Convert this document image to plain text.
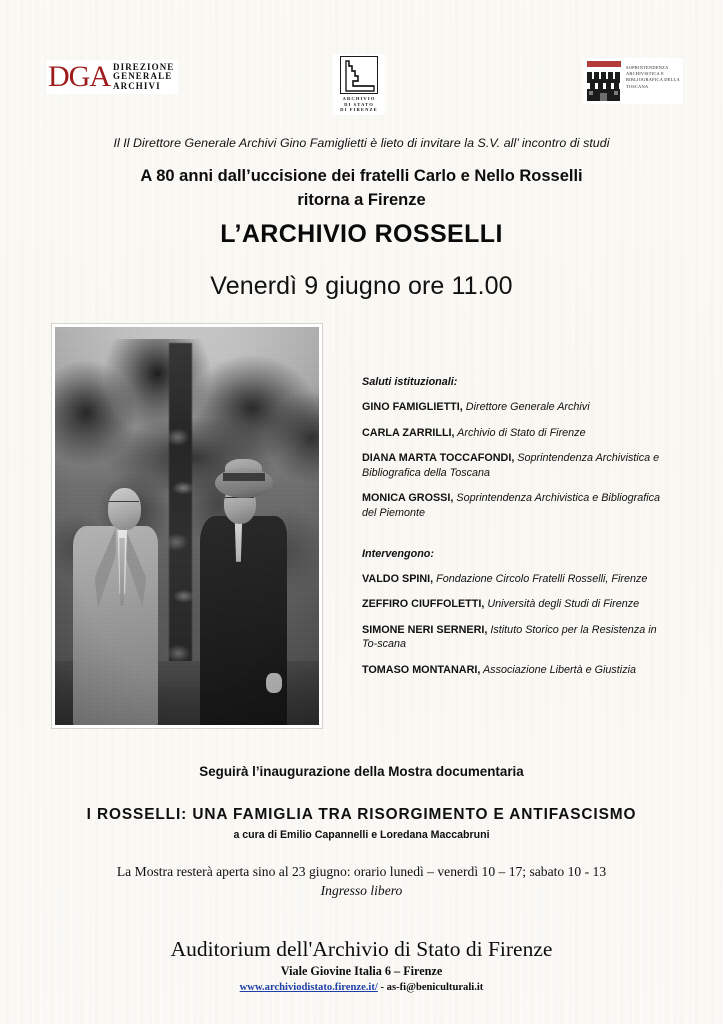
DGA DIREZIONE
GENERALE
ARCHIVI
ARCHIVIO
DI STATO
DI FIRENZE
SOPRINTENDENZA
ARCHIVISTICA E
BIBLIOGRAFICA DELLA
TOSCANA
Il Il Direttore Generale Archivi Gino Famiglietti è lieto di invitare la S.V. all’ incontro di studi
A 80 anni dall’uccisione dei fratelli Carlo e Nello Rosselli
ritorna a Firenze
L’ARCHIVIO ROSSELLI
Venerdì 9 giugno ore 11.00
Saluti istituzionali:
GINO FAMIGLIETTI, Direttore Generale Archivi
CARLA ZARRILLI, Archivio di Stato di Firenze
DIANA MARTA TOCCAFONDI, Soprintendenza Archivistica e Bibliografica della Toscana
MONICA GROSSI, Soprintendenza Archivistica e Bibliografica del Piemonte
Intervengono:
VALDO SPINI, Fondazione Circolo Fratelli Rosselli, Firenze
ZEFFIRO CIUFFOLETTI, Università degli Studi di Firenze
SIMONE NERI SERNERI, Istituto Storico per la Resistenza in To-scana
TOMASO MONTANARI, Associazione Libertà e Giustizia
Seguirà l’inaugurazione della Mostra documentaria
I ROSSELLI: UNA FAMIGLIA TRA RISORGIMENTO E ANTIFASCISMO
a cura di Emilio Capannelli e Loredana Maccabruni
La Mostra resterà aperta sino al 23 giugno: orario lunedì – venerdì 10 – 17; sabato 10 - 13
Ingresso libero
Auditorium dell'Archivio di Stato di Firenze
Viale Giovine Italia 6 – Firenze
www.archiviodistato.firenze.it/ - as-fi@beniculturali.it
